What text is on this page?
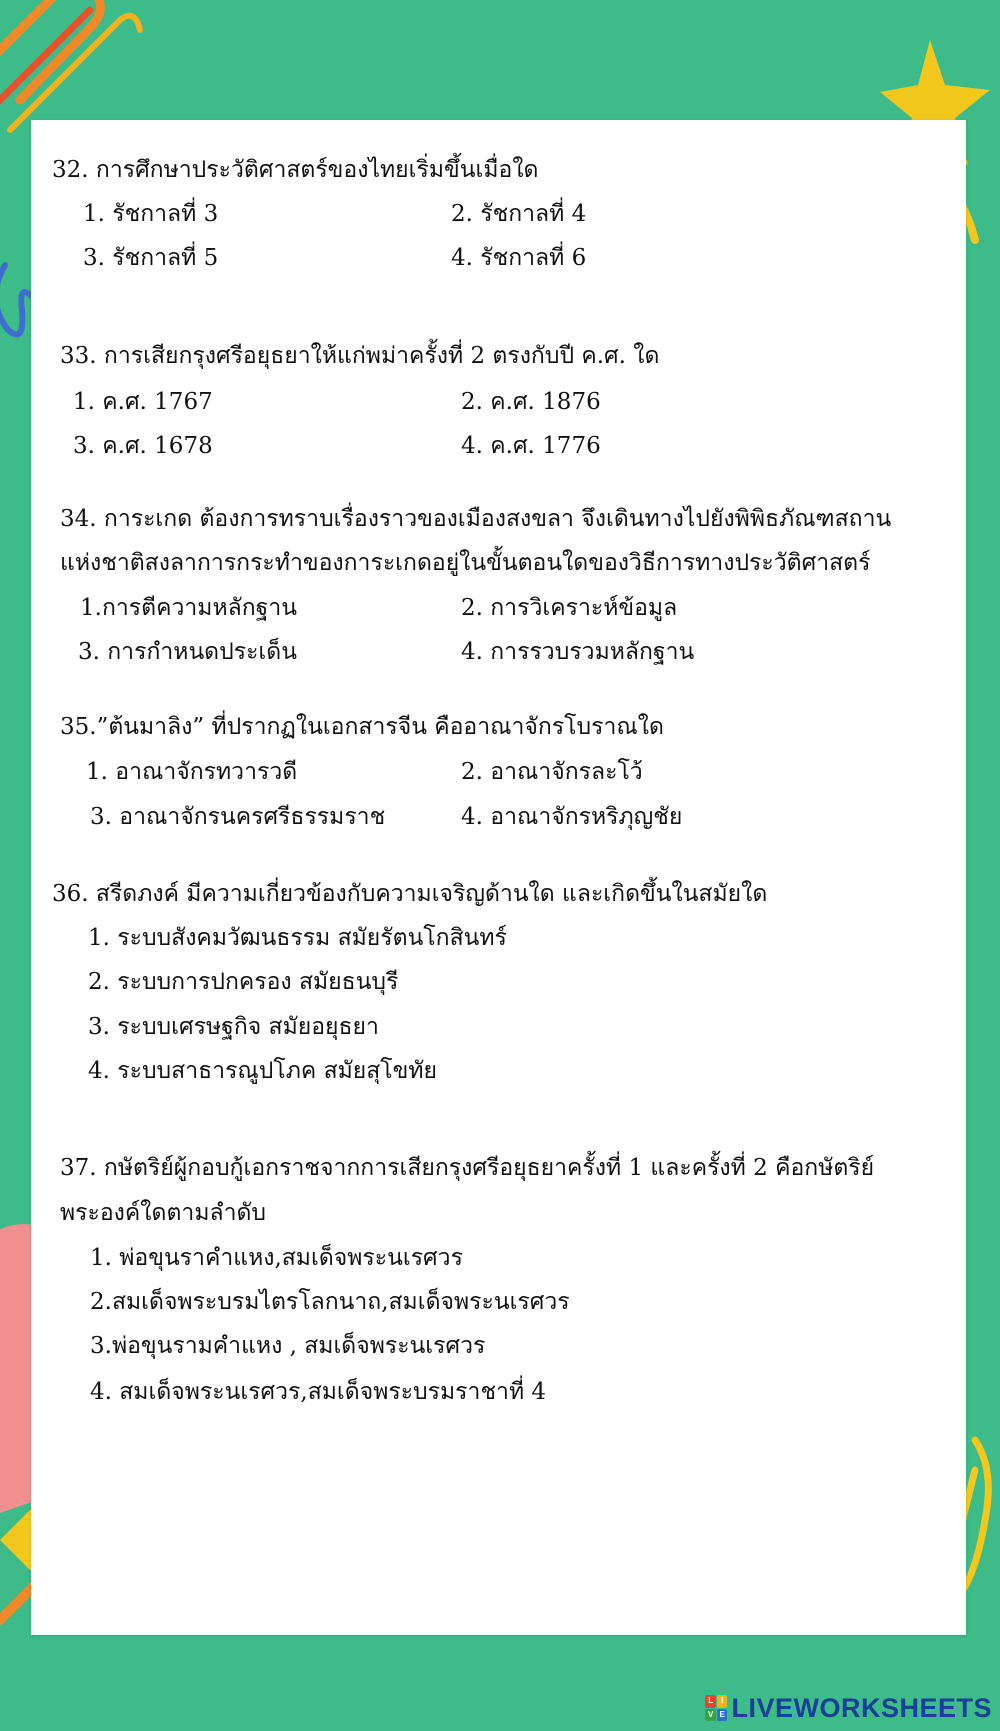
32. การศึกษาประวัติศาสตร์ของไทยเริ่มขึ้นเมื่อใด
1. รัชกาลที่ 3	2. รัชกาลที่ 4
3. รัชกาลที่ 5	4. รัชกาลที่ 6
33. การเสียกรุงศรีอยุธยาให้แก่พม่าครั้งที่ 2 ตรงกับปี ค.ศ. ใด
1. ค.ศ. 1767	2. ค.ศ. 1876
3. ค.ศ. 1678	4. ค.ศ. 1776
34. การะเกด ต้องการทราบเรื่องราวของเมืองสงขลา จึงเดินทางไปยังพิพิธภัณฑสถาน
แห่งชาติสงลาการกระทำของการะเกดอยู่ในขั้นตอนใดของวิธีการทางประวัติศาสตร์
1.การตีความหลักฐาน	2. การวิเคราะห์ข้อมูล
3. การกำหนดประเด็น	4. การรวบรวมหลักฐาน
35.”ต้นมาลิง” ที่ปรากฏในเอกสารจีน คืออาณาจักรโบราณใด
1. อาณาจักรทวารวดี	2. อาณาจักรละโว้
3. อาณาจักรนครศรีธรรมราช	4. อาณาจักรหริภุญชัย
36. สรีดภงค์ มีความเกี่ยวข้องกับความเจริญด้านใด และเกิดขึ้นในสมัยใด
1. ระบบสังคมวัฒนธรรม สมัยรัตนโกสินทร์
2. ระบบการปกครอง สมัยธนบุรี
3. ระบบเศรษฐกิจ สมัยอยุธยา
4. ระบบสาธารณูปโภค สมัยสุโขทัย
37. กษัตริย์ผู้กอบกู้เอกราชจากการเสียกรุงศรีอยุธยาครั้งที่ 1 และครั้งที่ 2 คือกษัตริย์
พระองค์ใดตามลำดับ
1. พ่อขุนราคำแหง,สมเด็จพระนเรศวร
2.สมเด็จพระบรมไตรโลกนาถ,สมเด็จพระนเรศวร
3.พ่อขุนรามคำแหง , สมเด็จพระนเรศวร
4. สมเด็จพระนเรศวร,สมเด็จพระบรมราชาที่ 4
L I
V E LIVEWORKSHEETS
